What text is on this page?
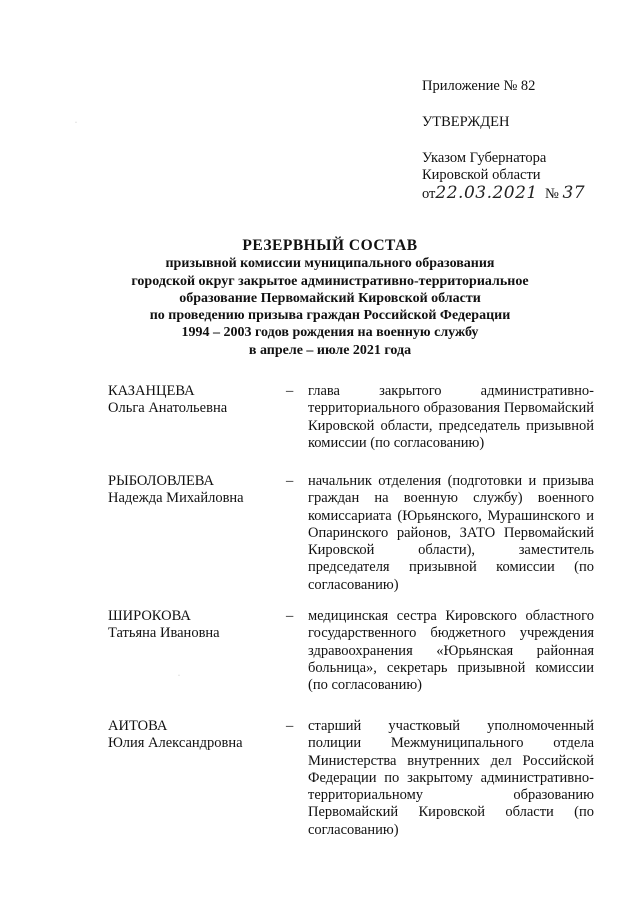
Приложение № 82
УТВЕРЖДЕН
Указом Губернатора
Кировской области
от22.03.2021 № 37
РЕЗЕРВНЫЙ СОСТАВ
призывной комиссии муниципального образования
городской округ закрытое административно-территориальное
образование Первомайский Кировской области
по проведению призыва граждан Российской Федерации
1994 – 2003 годов рождения на военную службу
в апреле – июле 2021 года
КАЗАНЦЕВА
Ольга Анатольевна
–	глава закрытого административно-территориального образования Первомайский Кировской области, председатель призывной комиссии (по согласованию)
РЫБОЛОВЛЕВА
Надежда Михайловна
–	начальник отделения (подготовки и призыва граждан на военную службу) военного комиссариата (Юрьянского, Мурашинского и Опаринского районов, ЗАТО Первомайский Кировской области), заместитель председателя призывной комиссии (по согласованию)
ШИРОКОВА
Татьяна Ивановна
–	медицинская сестра Кировского областного государственного бюджетного учреждения здравоохранения «Юрьянская районная больница», секретарь призывной комиссии (по согласованию)
АИТОВА
Юлия Александровна
–	старший участковый уполномоченный полиции Межмуниципального отдела Министерства внутренних дел Российской Федерации по закрытому административно-территориальному образованию Первомайский Кировской области (по согласованию)
·
·
